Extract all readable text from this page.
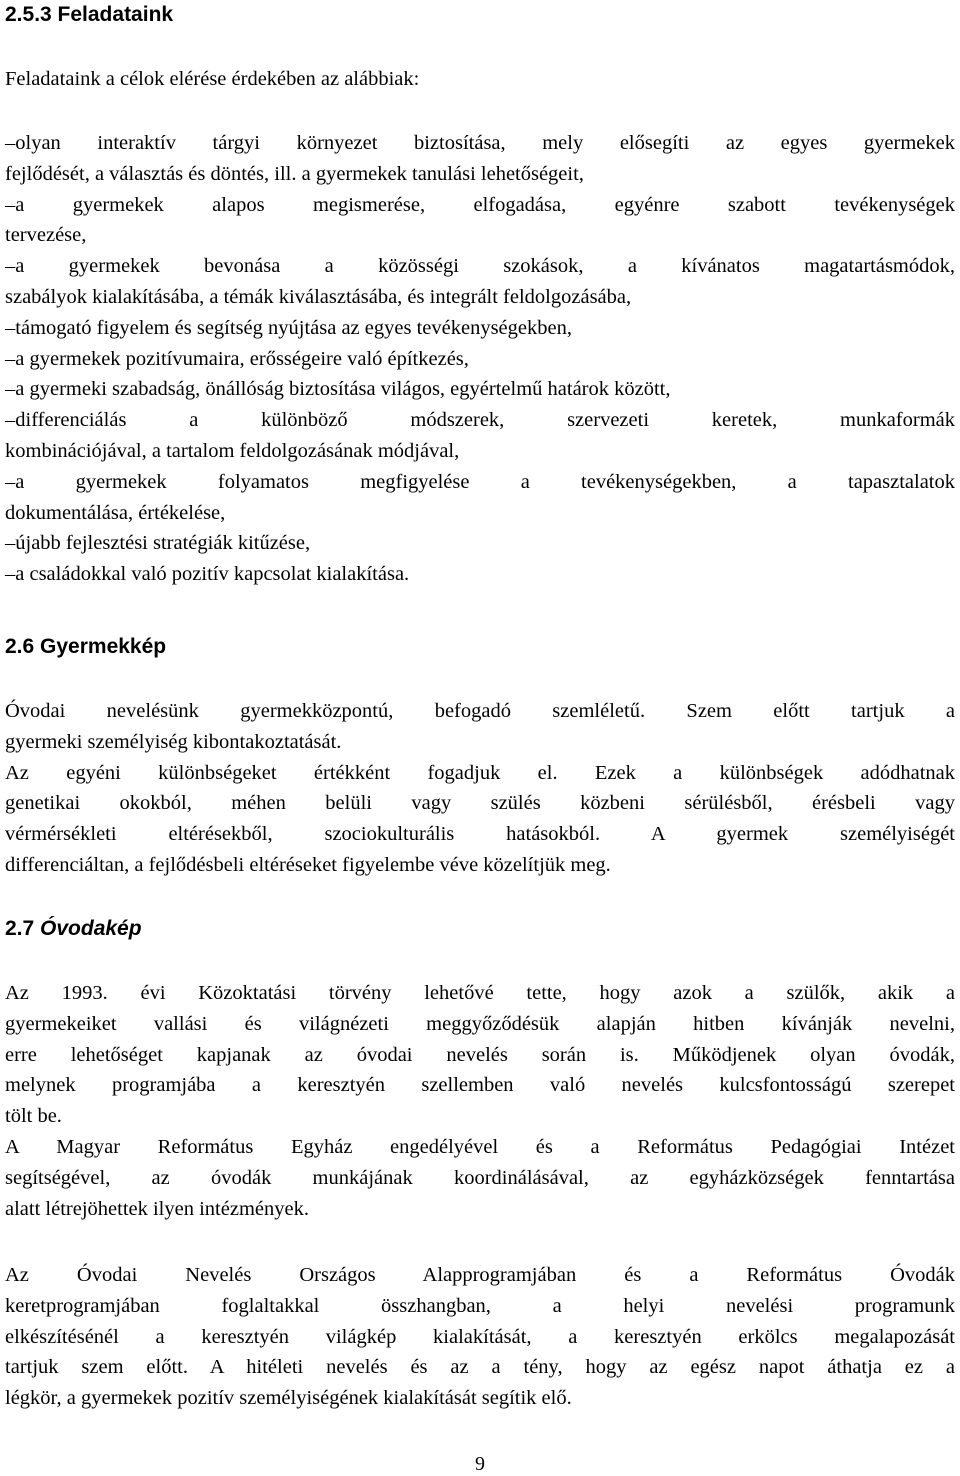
2.5.3 Feladataink
Feladataink a célok elérése érdekében az alábbiak:
–olyan interaktív tárgyi környezet biztosítása, mely elősegíti az egyes gyermekek
fejlődését, a választás és döntés, ill. a gyermekek tanulási lehetőségeit,
–a gyermekek alapos megismerése, elfogadása, egyénre szabott tevékenységek
tervezése,
–a gyermekek bevonása a közösségi szokások, a kívánatos magatartásmódok,
szabályok kialakításába, a témák kiválasztásába, és integrált feldolgozásába,
–támogató figyelem és segítség nyújtása az egyes tevékenységekben,
–a gyermekek pozitívumaira, erősségeire való építkezés,
–a gyermeki szabadság, önállóság biztosítása világos, egyértelmű határok között,
–differenciálás a különböző módszerek, szervezeti keretek, munkaformák
kombinációjával, a tartalom feldolgozásának módjával,
–a gyermekek folyamatos megfigyelése a tevékenységekben, a tapasztalatok
dokumentálása, értékelése,
–újabb fejlesztési stratégiák kitűzése,
–a családokkal való pozitív kapcsolat kialakítása.
2.6 Gyermekkép
Óvodai nevelésünk gyermekközpontú, befogadó szemléletű. Szem előtt tartjuk a
gyermeki személyiség kibontakoztatását.
Az egyéni különbségeket értékként fogadjuk el. Ezek a különbségek adódhatnak
genetikai okokból, méhen belüli vagy szülés közbeni sérülésből, érésbeli vagy
vérmérsékleti eltérésekből, szociokulturális hatásokból. A gyermek személyiségét
differenciáltan, a fejlődésbeli eltéréseket figyelembe véve közelítjük meg.
2.7 Óvodakép
Az 1993. évi Közoktatási törvény lehetővé tette, hogy azok a szülők, akik a
gyermekeiket vallási és világnézeti meggyőződésük alapján hitben kívánják nevelni,
erre lehetőséget kapjanak az óvodai nevelés során is. Működjenek olyan óvodák,
melynek programjába a keresztyén szellemben való nevelés kulcsfontosságú szerepet
tölt be.
A Magyar Református Egyház engedélyével és a Református Pedagógiai Intézet
segítségével, az óvodák munkájának koordinálásával, az egyházközségek fenntartása
alatt létrejöhettek ilyen intézmények.
Az Óvodai Nevelés Országos Alapprogramjában és a Református Óvodák
keretprogramjában foglaltakkal összhangban, a helyi nevelési programunk
elkészítésénél a keresztyén világkép kialakítását, a keresztyén erkölcs megalapozását
tartjuk szem előtt. A hitéleti nevelés és az a tény, hogy az egész napot áthatja ez a
légkör, a gyermekek pozitív személyiségének kialakítását segítik elő.
9
